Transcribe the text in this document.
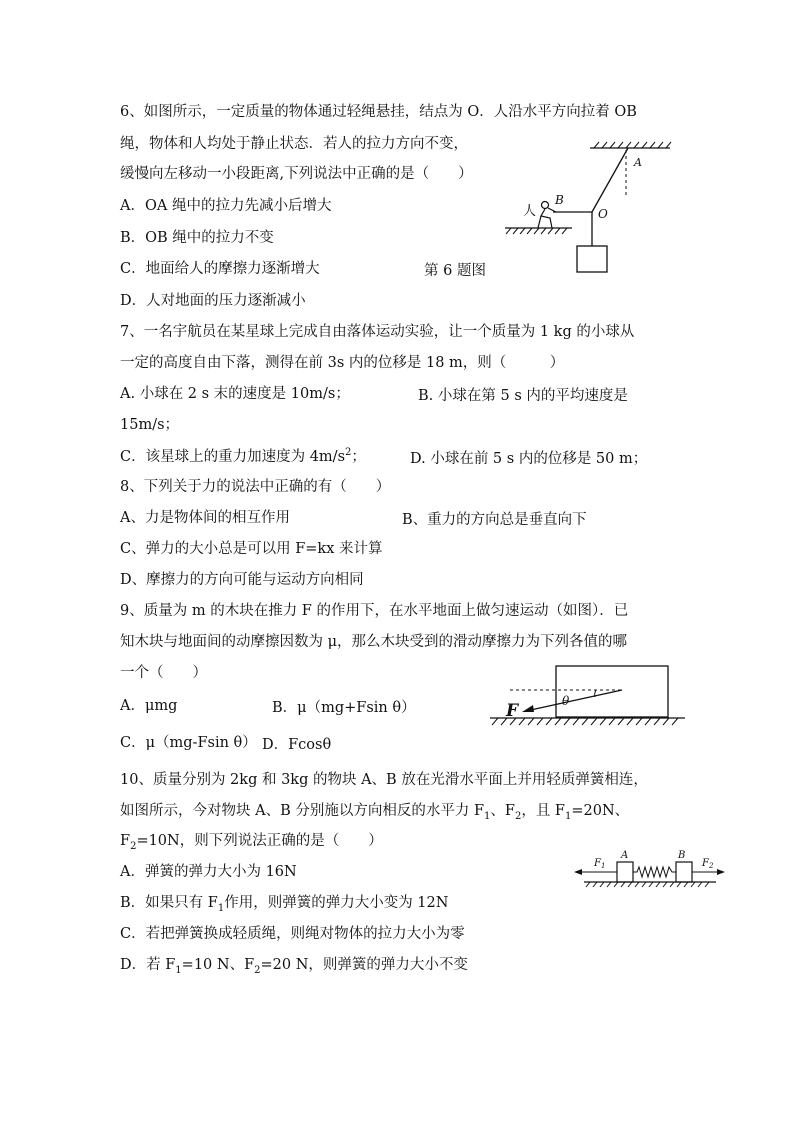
6、如图所示，一定质量的物体通过轻绳悬挂，结点为 O．人沿水平方向拉着 OB
绳，物体和人均处于静止状态．若人的拉力方向不变，
缓慢向左移动一小段距离,下列说法中正确的是（　　）
A．OA 绳中的拉力先减小后增大
B．OB 绳中的拉力不变
C．地面给人的摩擦力逐渐增大	第 6 题图
D．人对地面的压力逐渐减小
人
B
A
O
7、一名宇航员在某星球上完成自由落体运动实验，让一个质量为 1 kg 的小球从
一定的高度自由下落，测得在前 3s 内的位移是 18 m，则（　　　）
A. 小球在 2 s 末的速度是 10m/s；	B. 小球在第 5 s 内的平均速度是
15m/s；
C．该星球上的重力加速度为 $4m/s^2$；	D. 小球在前 5 s 内的位移是 50 m；
8、下列关于力的说法中正确的有（　　）
A、力是物体间的相互作用	B、重力的方向总是垂直向下
C、弹力的大小总是可以用 F=kx 来计算
D、摩擦力的方向可能与运动方向相同
9、质量为 m 的木块在推力 F 的作用下，在水平地面上做匀速运动（如图）．已
知木块与地面间的动摩擦因数为 μ，那么木块受到的滑动摩擦力为下列各值的哪
一个（　　）
A．μmg	B．μ（mg+Fsin θ）
C．μ（mg-Fsin θ） D．Fcosθ
θ
F
10、质量分别为 2kg 和 3kg 的物块 A、B 放在光滑水平面上并用轻质弹簧相连，
如图所示，今对物块 A、B 分别施以方向相反的水平力 $F_1$、$F_2$，且 $F_1=20N$、
$F_2=10N$，则下列说法正确的是（　　）
A．弹簧的弹力大小为 16N
B．如果只有 $F_1$作用，则弹簧的弹力大小变为 12N
C．若把弹簧换成轻质绳，则绳对物体的拉力大小为零
D．若 $F_1=10$ N、$F_2=20$ N，则弹簧的弹力大小不变
$F_1$
A	B
$F_2$
